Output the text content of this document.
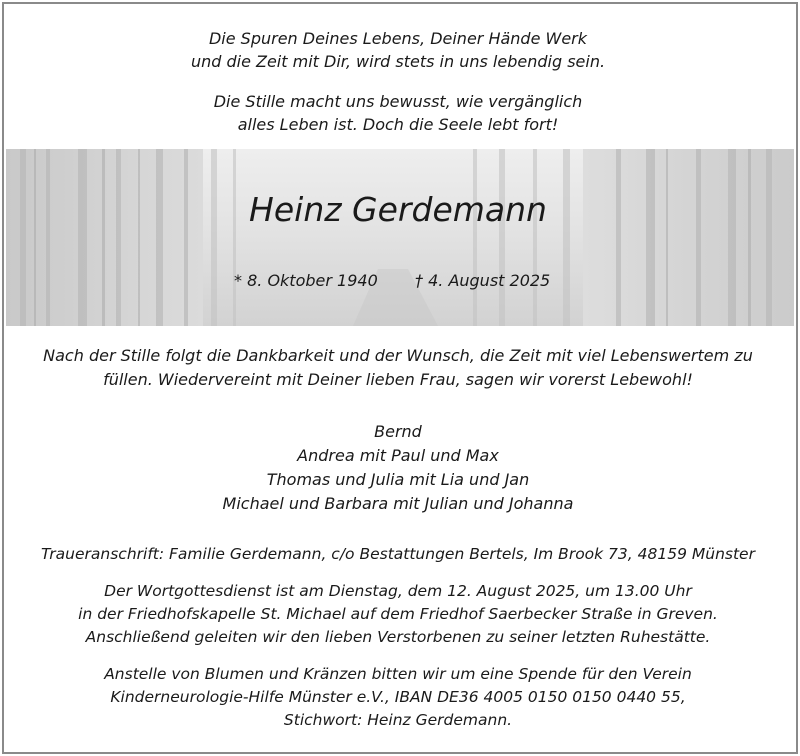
Die Spuren Deines Lebens, Deiner Hände Werk
und die Zeit mit Dir, wird stets in uns lebendig sein.
Die Stille macht uns bewusst, wie vergänglich
alles Leben ist. Doch die Seele lebt fort!
Heinz Gerdemann
* 8. Oktober 1940 † 4. August 2025
Nach der Stille folgt die Dankbarkeit und der Wunsch, die Zeit mit viel Lebenswertem zu
füllen. Wiedervereint mit Deiner lieben Frau, sagen wir vorerst Lebewohl!
Bernd
Andrea mit Paul und Max
Thomas und Julia mit Lia und Jan
Michael und Barbara mit Julian und Johanna
Traueranschrift: Familie Gerdemann, c/o Bestattungen Bertels, Im Brook 73, 48159 Münster
Der Wortgottesdienst ist am Dienstag, dem 12. August 2025, um 13.00 Uhr
in der Friedhofskapelle St. Michael auf dem Friedhof Saerbecker Straße in Greven.
Anschließend geleiten wir den lieben Verstorbenen zu seiner letzten Ruhestätte.
Anstelle von Blumen und Kränzen bitten wir um eine Spende für den Verein
Kinderneurologie-Hilfe Münster e.V., IBAN DE36 4005 0150 0150 0440 55,
Stichwort: Heinz Gerdemann.
